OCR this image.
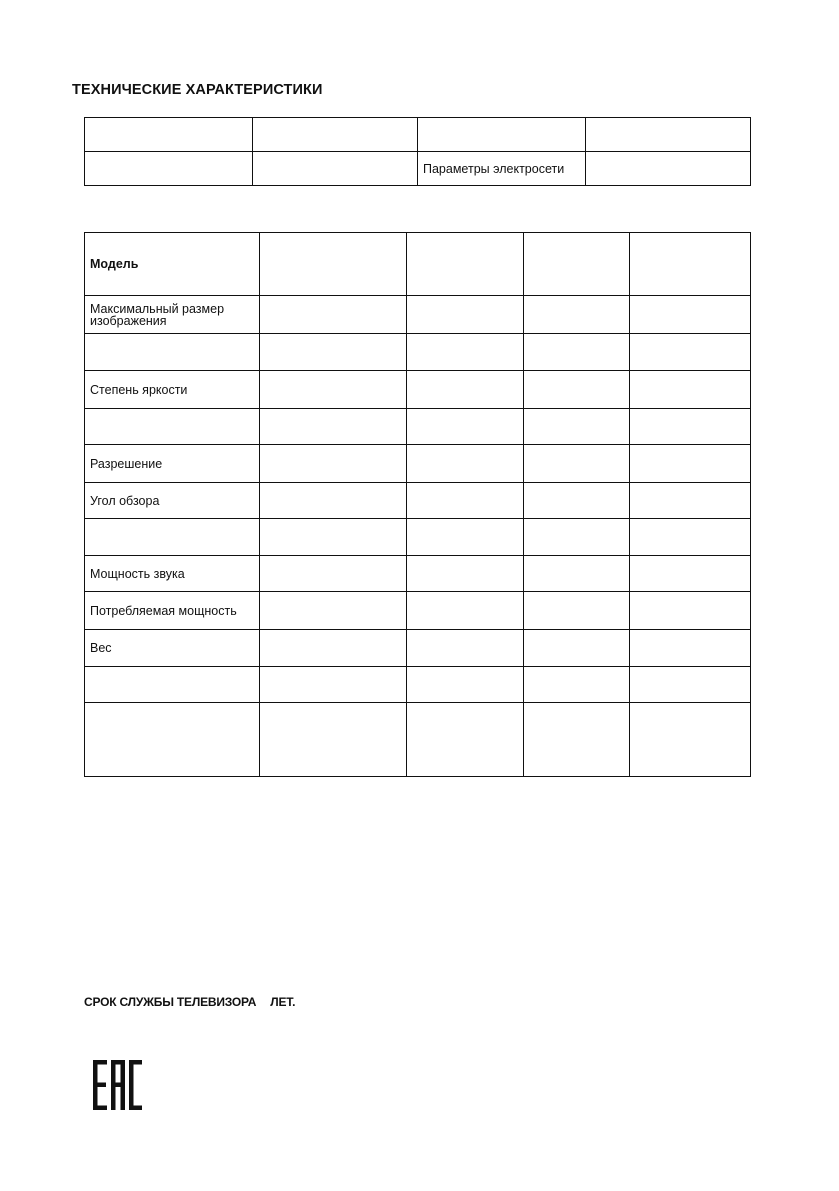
ТЕХНИЧЕСКИЕ ХАРАКТЕРИСТИКИ

		Параметры электросети	
Модель				
Максимальный размер изображения				

Степень яркости				

Разрешение				
Угол обзора				

Мощность звука				
Потребляемая мощность				
Вес				

СРОК СЛУЖБЫ ТЕЛЕВИЗОРА ЛЕТ.
